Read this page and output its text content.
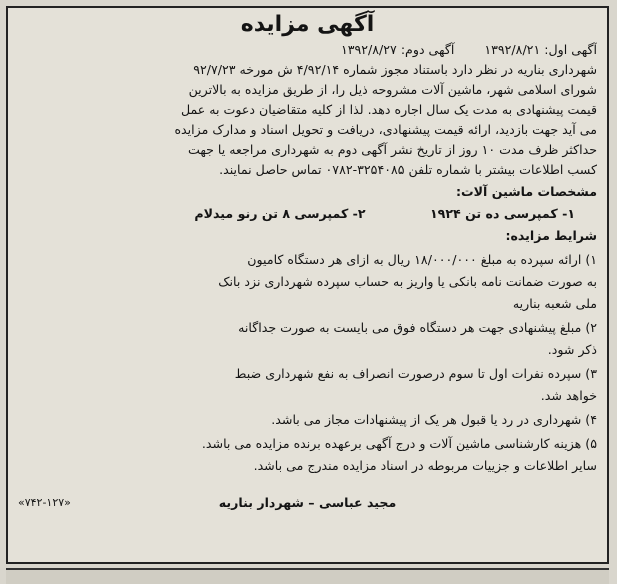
آگهی مزایده
آگهی اول: ۱۳۹۲/۸/۲۱ آگهی دوم: ۱۳۹۲/۸/۲۷
شهرداری بناریه در نظر دارد باستناد مجوز شماره ۴/۹۲/۱۴ ش مورخه ۹۲/۷/۲۳
شورای اسلامی شهر، ماشین آلات مشروحه ذیل را، از طریق مزایده به بالاترین
قیمت پیشنهادی به مدت یک سال اجاره دهد. لذا از کلیه متقاضیان دعوت به عمل
می آید جهت بازدید، ارائه قیمت پیشنهادی، دریافت و تحویل اسناد و مدارک مزایده
حداکثر ظرف مدت ۱۰ روز از تاریخ نشر آگهی دوم به شهرداری مراجعه یا جهت
کسب اطلاعات بیشتر با شماره تلفن ۳۲۵۴۰۸۵-۰۷۸۲ تماس حاصل نمایند.
مشخصات ماشین آلات:
۱- کمپرسی ده تن ۱۹۲۴ ۲- کمپرسی ۸ تن رنو میدلام
شرایط مزایده:
۱) ارائه سپرده به مبلغ ۱۸/۰۰۰/۰۰۰ ریال به ازای هر دستگاه کامیون
به صورت ضمانت نامه بانکی یا واریز به حساب سپرده شهرداری نزد بانک
ملی شعبه بناریه
۲) مبلغ پیشنهادی جهت هر دستگاه فوق می بایست به صورت جداگانه
ذکر شود.
۳) سپرده نفرات اول تا سوم درصورت انصراف به نفع شهرداری ضبط
خواهد شد.
۴) شهرداری در رد یا قبول هر یک از پیشنهادات مجاز می باشد.
۵) هزینه کارشناسی ماشین آلات و درج آگهی برعهده برنده مزایده می باشد.
سایر اطلاعات و جزییات مربوطه در اسناد مزایده مندرج می باشد.
مجید عباسی – شهردار بناریه
«۷۴۲-۱۲۷»
